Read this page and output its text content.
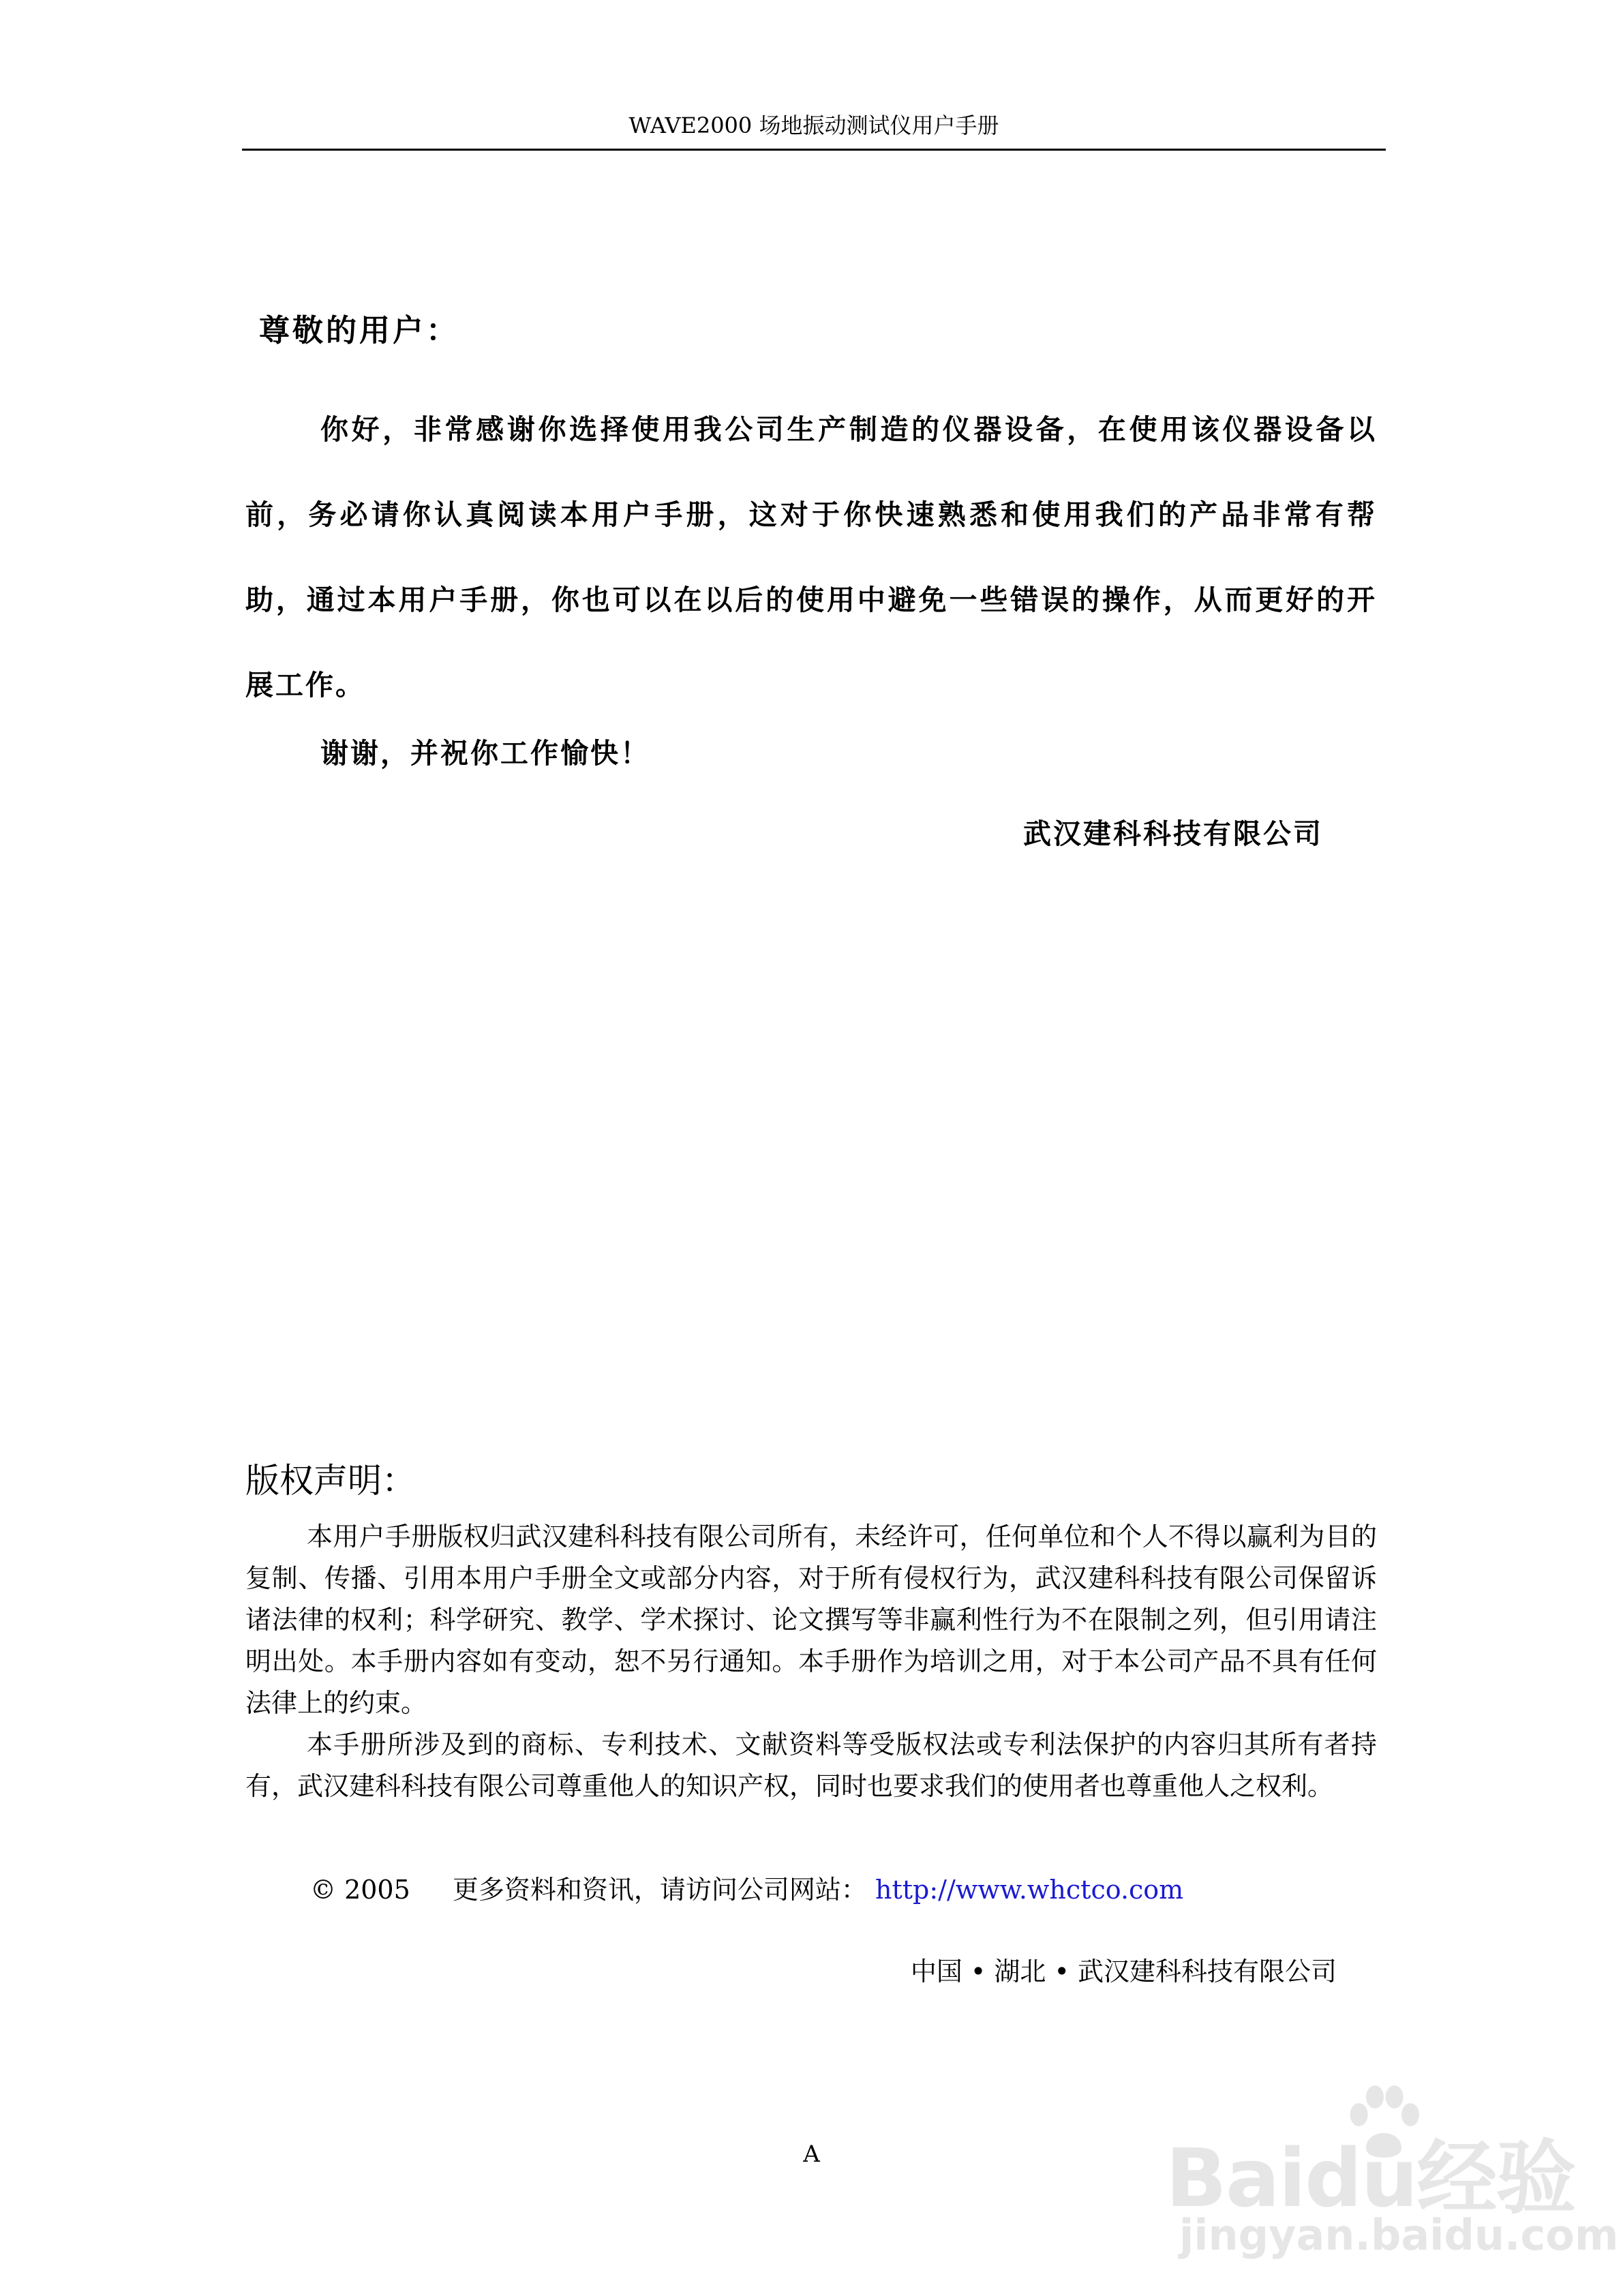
WAVE2000 场地振动测试仪用户手册
尊敬的用户：
你好，非常感谢你选择使用我公司生产制造的仪器设备，在使用该仪器设备以前，务必请你认真阅读本用户手册，这对于你快速熟悉和使用我们的产品非常有帮助，通过本用户手册，你也可以在以后的使用中避免一些错误的操作，从而更好的开展工作。
谢谢，并祝你工作愉快！
武汉建科科技有限公司
版权声明：

本用户手册版权归武汉建科科技有限公司所有，未经许可，任何单位和个人不得以赢利为目的复制、传播、引用本用户手册全文或部分内容，对于所有侵权行为，武汉建科科技有限公司保留诉诸法律的权利；科学研究、教学、学术探讨、论文撰写等非赢利性行为不在限制之列，但引用请注明出处。本手册内容如有变动，恕不另行通知。本手册作为培训之用，对于本公司产品不具有任何法律上的约束。

本手册所涉及到的商标、专利技术、文献资料等受版权法或专利法保护的内容归其所有者持有，武汉建科科技有限公司尊重他人的知识产权，同时也要求我们的使用者也尊重他人之权利。

© 2005 更多资料和资讯，请访问公司网站： http://www.whctco.com
中国 • 湖北 • 武汉建科科技有限公司
A	Baidu经验
jingyan.baidu.com
